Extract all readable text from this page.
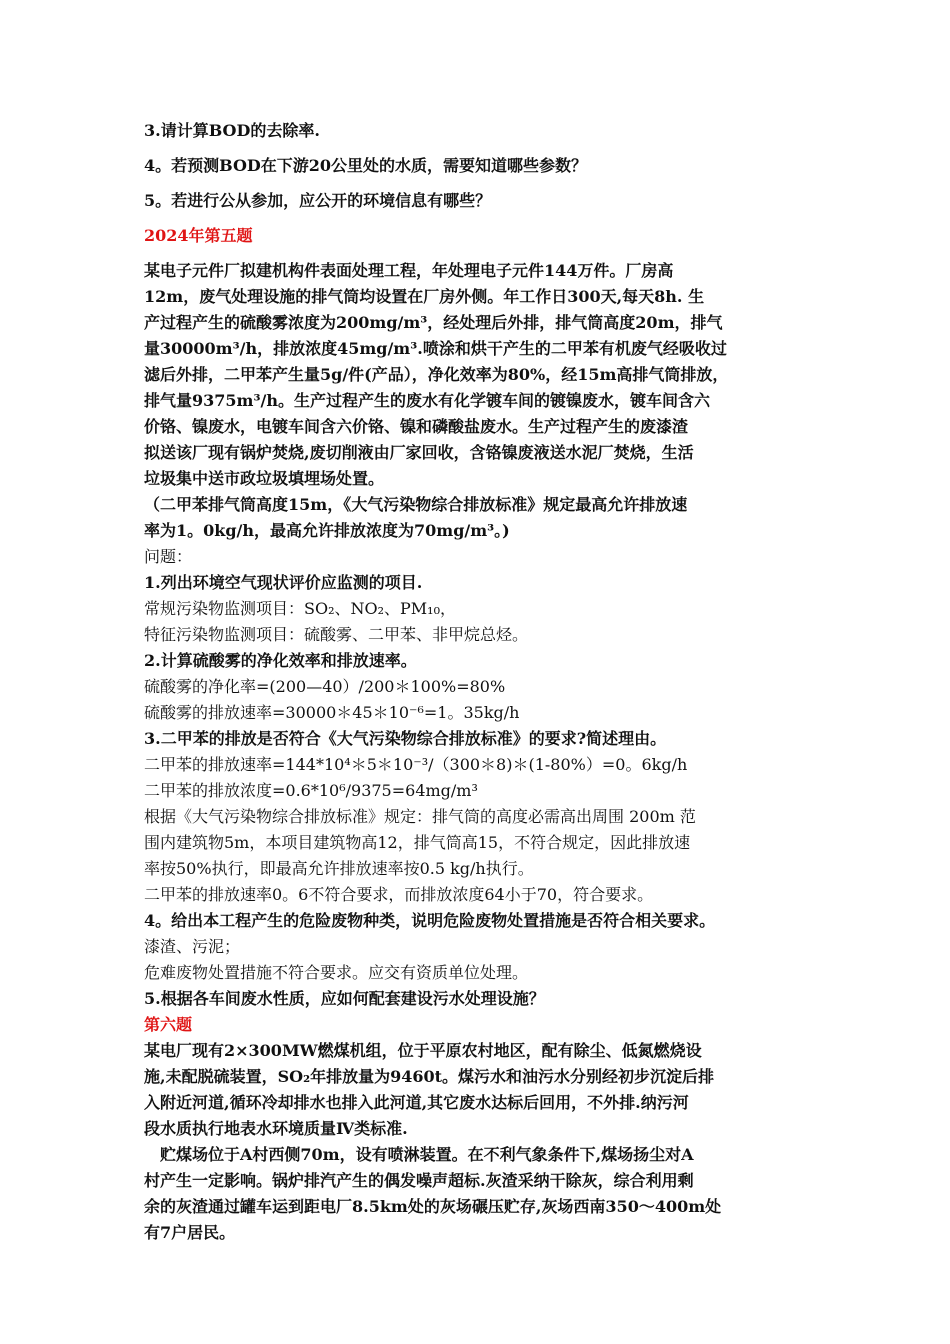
3.请计算BOD的去除率.
4。若预测BOD在下游20公里处的水质，需要知道哪些参数？
5。若进行公从参加，应公开的环境信息有哪些？
2024年第五题
某电子元件厂拟建机构件表面处理工程，年处理电子元件144万件。厂房高
12m，废气处理设施的排气筒均设置在厂房外侧。年工作日300天,每天8h. 生
产过程产生的硫酸雾浓度为200mg/m³，经处理后外排，排气筒高度20m，排气
量30000m³/h，排放浓度45mg/m³.喷涂和烘干产生的二甲苯有机废气经吸收过
滤后外排，二甲苯产生量5g/件(产品），净化效率为80%，经15m高排气筒排放，
排气量9375m³/h。生产过程产生的废水有化学镀车间的镀镍废水，镀车间含六
价铬、镍废水，电镀车间含六价铬、镍和磷酸盐废水。生产过程产生的废漆渣
拟送该厂现有锅炉焚烧,废切削液由厂家回收，含铬镍废液送水泥厂焚烧，生活
垃圾集中送市政垃圾填埋场处置。
（二甲苯排气筒高度15m，《大气污染物综合排放标准》规定最高允许排放速
率为1。0kg/h，最高允许排放浓度为70mg/m³。)
问题：
1.列出环境空气现状评价应监测的项目.
常规污染物监测项目：SO₂、NO₂、PM₁₀，
特征污染物监测项目：硫酸雾、二甲苯、非甲烷总烃。
2.计算硫酸雾的净化效率和排放速率。
硫酸雾的净化率=(200—40）/200＊100%=80%
硫酸雾的排放速率=30000＊45＊10⁻⁶=1。35kg/h
3.二甲苯的排放是否符合《大气污染物综合排放标准》的要求?简述理由。
二甲苯的排放速率=144*10⁴＊5＊10⁻³/（300＊8)＊(1-80%）=0。6kg/h
二甲苯的排放浓度=0.6*10⁶/9375=64mg/m³
根据《大气污染物综合排放标准》规定：排气筒的高度必需高出周围 200m 范
围内建筑物5m，本项目建筑物高12，排气筒高15，不符合规定，因此排放速
率按50%执行，即最高允许排放速率按0.5 kg/h执行。
二甲苯的排放速率0。6不符合要求，而排放浓度64小于70，符合要求。
4。给出本工程产生的危险废物种类，说明危险废物处置措施是否符合相关要求。
漆渣、污泥；
危难废物处置措施不符合要求。应交有资质单位处理。
5.根据各车间废水性质，应如何配套建设污水处理设施？
第六题
某电厂现有2×300MW燃煤机组，位于平原农村地区，配有除尘、低氮燃烧设
施,未配脱硫装置，SO₂年排放量为9460t。煤污水和油污水分别经初步沉淀后排
入附近河道,循环冷却排水也排入此河道,其它废水达标后回用，不外排.纳污河
段水质执行地表水环境质量Ⅳ类标准.
　贮煤场位于A村西侧70m，设有喷淋装置。在不利气象条件下,煤场扬尘对A
村产生一定影响。锅炉排汽产生的偶发噪声超标.灰渣采纳干除灰，综合利用剩
余的灰渣通过罐车运到距电厂8.5km处的灰场碾压贮存,灰场西南350～400m处
有7户居民。
